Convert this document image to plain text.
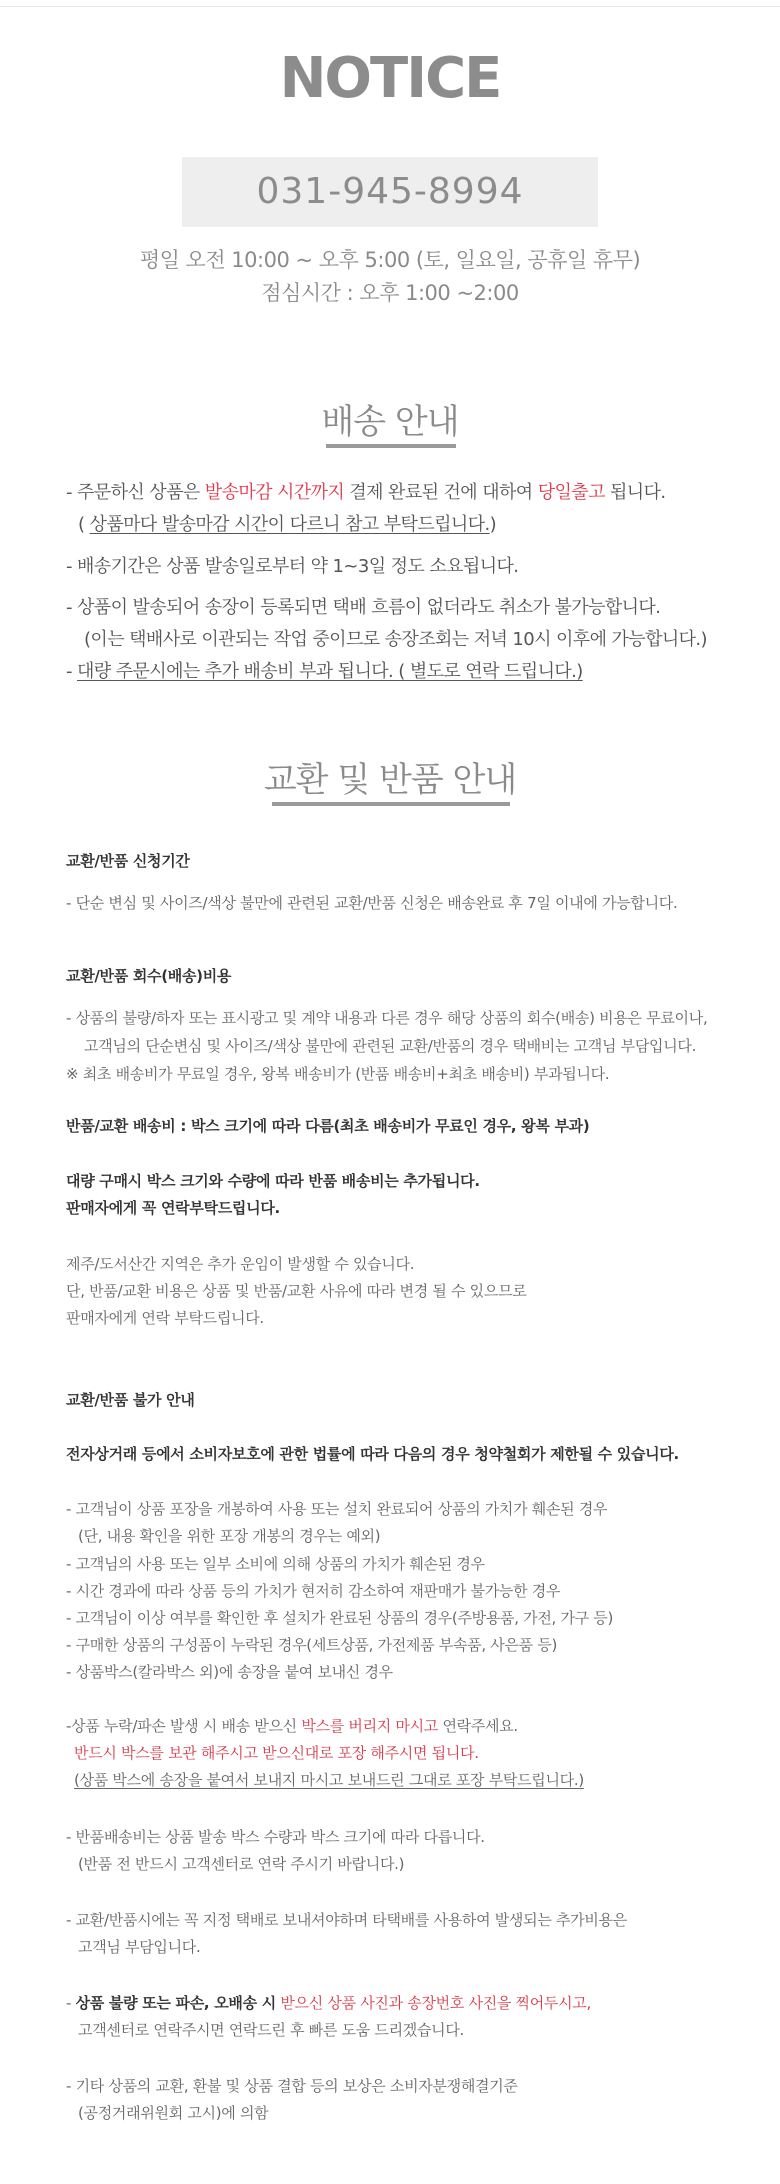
NOTICE
031-945-8994
평일 오전 10:00 ~ 오후 5:00 (토, 일요일, 공휴일 휴무)
점심시간 : 오후 1:00 ~2:00
배송 안내
- 주문하신 상품은 발송마감 시간까지 결제 완료된 건에 대하여 당일출고 됩니다.
( 상품마다 발송마감 시간이 다르니 참고 부탁드립니다.)
- 배송기간은 상품 발송일로부터 약 1~3일 정도 소요됩니다.
- 상품이 발송되어 송장이 등록되면 택배 흐름이 없더라도 취소가 불가능합니다.
(이는 택배사로 이관되는 작업 중이므로 송장조회는 저녁 10시 이후에 가능합니다.)
- 대량 주문시에는 추가 배송비 부과 됩니다. ( 별도로 연락 드립니다.)
교환 및 반품 안내
교환/반품 신청기간
- 단순 변심 및 사이즈/색상 불만에 관련된 교환/반품 신청은 배송완료 후 7일 이내에 가능합니다.
교환/반품 회수(배송)비용
- 상품의 불량/하자 또는 표시광고 및 계약 내용과 다른 경우 해당 상품의 회수(배송) 비용은 무료이나,
고객님의 단순변심 및 사이즈/색상 불만에 관련된 교환/반품의 경우 택배비는 고객님 부담입니다.
※ 최초 배송비가 무료일 경우, 왕복 배송비가 (반품 배송비+최초 배송비) 부과됩니다.
반품/교환 배송비 : 박스 크기에 따라 다름(최초 배송비가 무료인 경우, 왕복 부과)
대량 구매시 박스 크기와 수량에 따라 반품 배송비는 추가됩니다.
판매자에게 꼭 연락부탁드립니다.
제주/도서산간 지역은 추가 운임이 발생할 수 있습니다.
단, 반품/교환 비용은 상품 및 반품/교환 사유에 따라 변경 될 수 있으므로
판매자에게 연락 부탁드립니다.
교환/반품 불가 안내
전자상거래 등에서 소비자보호에 관한 법률에 따라 다음의 경우 청약철회가 제한될 수 있습니다.
- 고객님이 상품 포장을 개봉하여 사용 또는 설치 완료되어 상품의 가치가 훼손된 경우
(단, 내용 확인을 위한 포장 개봉의 경우는 예외)
- 고객님의 사용 또는 일부 소비에 의해 상품의 가치가 훼손된 경우
- 시간 경과에 따라 상품 등의 가치가 현저히 감소하여 재판매가 불가능한 경우
- 고객님이 이상 여부를 확인한 후 설치가 완료된 상품의 경우(주방용품, 가전, 가구 등)
- 구매한 상품의 구성품이 누락된 경우(세트상품, 가전제품 부속품, 사은품 등)
- 상품박스(칼라박스 외)에 송장을 붙여 보내신 경우
-상품 누락/파손 발생 시 배송 받으신 박스를 버리지 마시고 연락주세요.
반드시 박스를 보관 해주시고 받으신대로 포장 해주시면 됩니다.
(상품 박스에 송장을 붙여서 보내지 마시고 보내드린 그대로 포장 부탁드립니다.)
- 반품배송비는 상품 발송 박스 수량과 박스 크기에 따라 다릅니다.
(반품 전 반드시 고객센터로 연락 주시기 바랍니다.)
- 교환/반품시에는 꼭 지정 택배로 보내셔야하며 타택배를 사용하여 발생되는 추가비용은
고객님 부담입니다.
- 상품 불량 또는 파손, 오배송 시 받으신 상품 사진과 송장번호 사진을 찍어두시고,
고객센터로 연락주시면 연락드린 후 빠른 도움 드리겠습니다.
- 기타 상품의 교환, 환불 및 상품 결합 등의 보상은 소비자분쟁해결기준
(공정거래위원회 고시)에 의함
